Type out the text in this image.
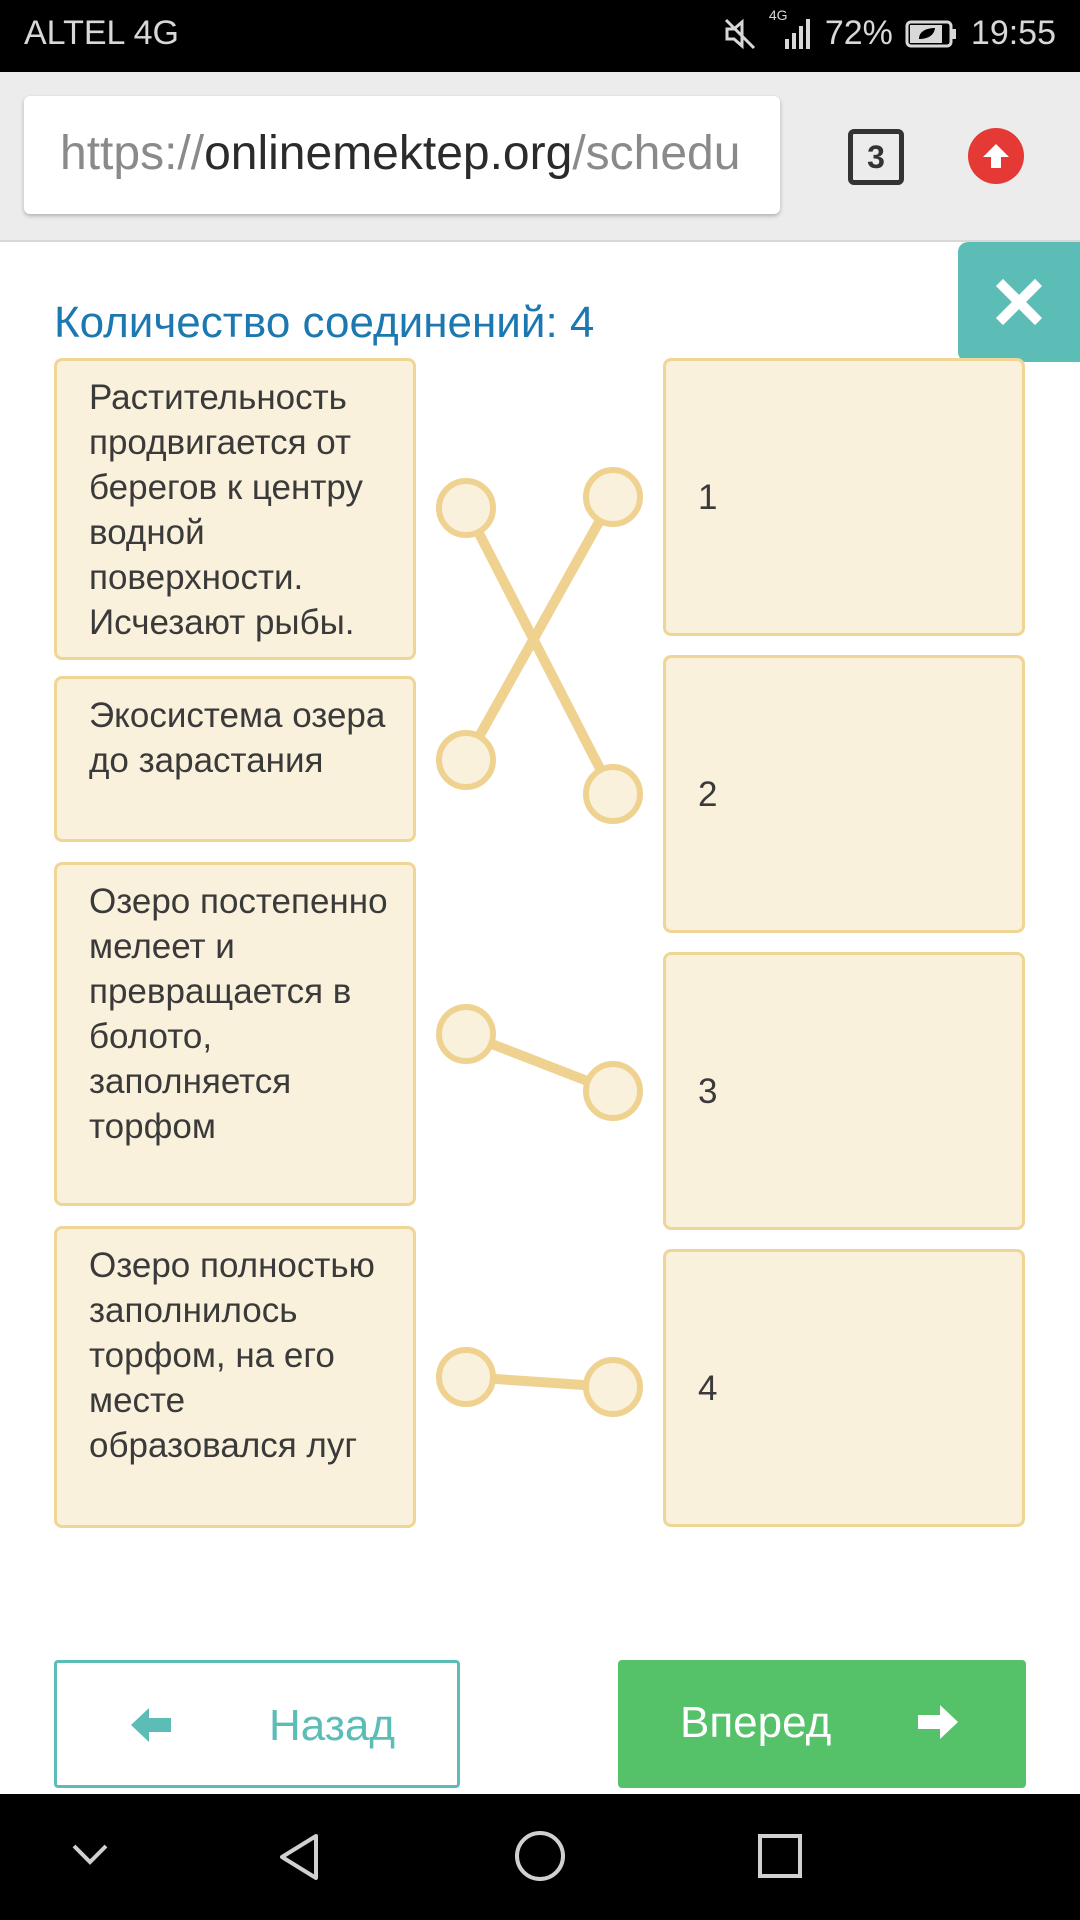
ALTEL 4G	4G 72% 19:55
https://onlinemektep.org/schedu	3
Количество соединений: 4
Растительность продвигается от берегов к центру водной поверхности. Исчезают рыбы.
Экосистема озера до зарастания
Озеро постепенно мелеет и превращается в болото, заполняется торфом
Озеро полностью заполнилось торфом, на его месте образовался луг
1
2
3
4
Назад	Вперед
